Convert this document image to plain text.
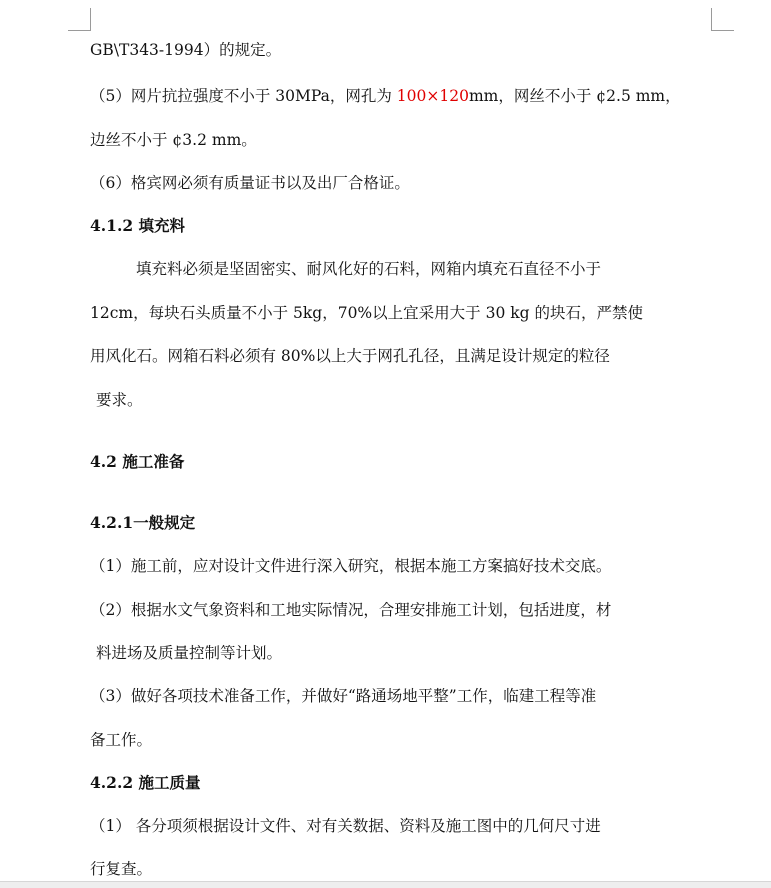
GB\T343-1994）的规定。
（5）网片抗拉强度不小于 30MPa，网孔为 100×120mm，网丝不小于 ¢2.5 mm，
边丝不小于 ¢3.2 mm。
（6）格宾网必须有质量证书以及出厂合格证。
4.1.2 填充料
填充料必须是坚固密实、耐风化好的石料，网箱内填充石直径不小于
12cm，每块石头质量不小于 5kg，70%以上宜采用大于 30 kg 的块石，严禁使
用风化石。网箱石料必须有 80%以上大于网孔孔径，且满足设计规定的粒径
要求。
4.2 施工准备
4.2.1一般规定
（1）施工前，应对设计文件进行深入研究，根据本施工方案搞好技术交底。
（2）根据水文气象资料和工地实际情况，合理安排施工计划，包括进度，材
料进场及质量控制等计划。
（3）做好各项技术准备工作，并做好“路通场地平整”工作，临建工程等准
备工作。
4.2.2 施工质量
（1） 各分项须根据设计文件、对有关数据、资料及施工图中的几何尺寸进
行复查。
